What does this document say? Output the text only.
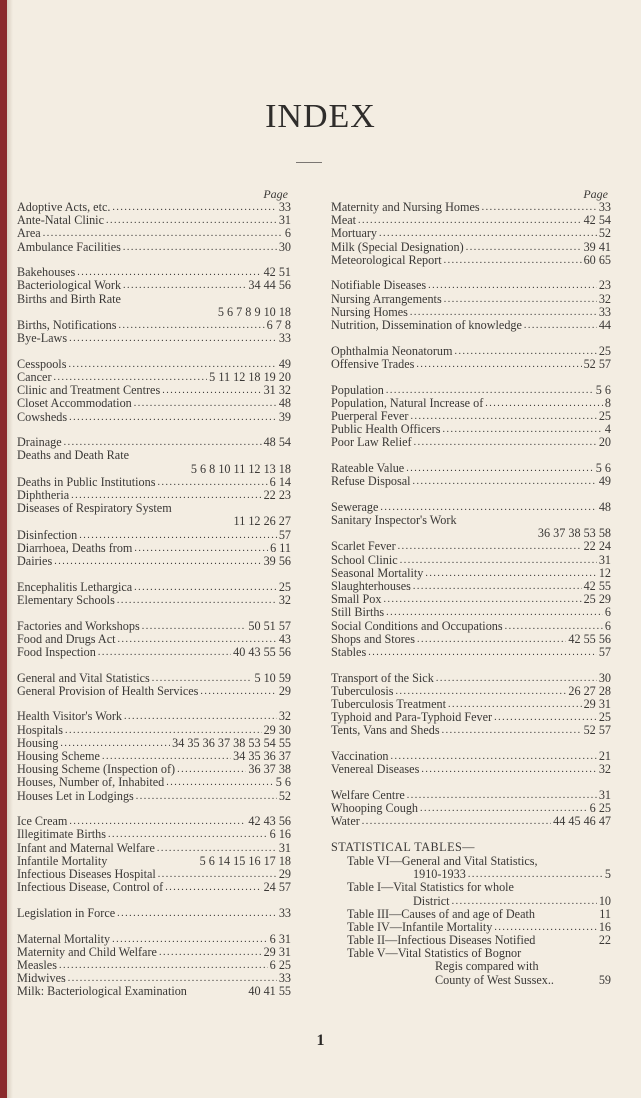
INDEX
Page
Adoptive Acts, etc. . . .	33
Ante-Natal Clinic . . .	31
Area . . .	6
Ambulance Facilities . . .	30
Bakehouses . . .	42 51
Bacteriological Work . . .	34 44 56
Births and Birth Rate
5 6 7 8 9 10 18
Births, Notifications . . .	6 7 8
Bye-Laws . . .	33
Cesspools . . .	49
Cancer . . .	5 11 12 18 19 20
Clinic and Treatment Centres . . .	31 32
Closet Accommodation . . .	48
Cowsheds . . .	39
Drainage . . .	48 54
Deaths and Death Rate
5 6 8 10 11 12 13 18
Deaths in Public Institutions . . .	6 14
Diphtheria . . .	22 23
Diseases of Respiratory System
11 12 26 27
Disinfection . . .	57
Diarrhoea, Deaths from . . .	6 11
Dairies . . .	39 56
Encephalitis Lethargica . . .	25
Elementary Schools . . .	32
Factories and Workshops . . .	50 51 57
Food and Drugs Act . . .	43
Food Inspection . . .	40 43 55 56
General and Vital Statistics . . .	5 10 59
General Provision of Health Services . . .	29
Health Visitor's Work . . .	32
Hospitals . . .	29 30
Housing . . .	34 35 36 37 38 53 54 55
Housing Scheme . . .	34 35 36 37
Housing Scheme (Inspection of) . . .	36 37 38
Houses, Number of, Inhabited . . .	5 6
Houses Let in Lodgings . . .	52
Ice Cream . . .	42 43 56
Illegitimate Births . . .	6 16
Infant and Maternal Welfare . . .	31
Infantile Mortality	5 6 14 15 16 17 18
Infectious Diseases Hospital . . .	29
Infectious Disease, Control of . . .	24 57
Legislation in Force . . .	33
Maternal Mortality . . .	6 31
Maternity and Child Welfare . . .	29 31
Measles . . .	6 25
Midwives . . .	33
Milk: Bacteriological Examination	40 41 55
Page
Maternity and Nursing Homes . . .	33
Meat . . .	42 54
Mortuary . . .	52
Milk (Special Designation) . . .	39 41
Meteorological Report . . .	60 65
Notifiable Diseases . . .	23
Nursing Arrangements . . .	32
Nursing Homes . . .	33
Nutrition, Dissemination of knowledge . . .	44
Ophthalmia Neonatorum . . .	25
Offensive Trades . . .	52 57
Population . . .	5 6
Population, Natural Increase of . . .	8
Puerperal Fever . . .	25
Public Health Officers . . .	4
Poor Law Relief . . .	20
Rateable Value . . .	5 6
Refuse Disposal . . .	49
Sewerage . . .	48
Sanitary Inspector's Work
36 37 38 53 58
Scarlet Fever . . .	22 24
School Clinic . . .	31
Seasonal Mortality . . .	12
Slaughterhouses . . .	42 55
Small Pox . . .	25 29
Still Births . . .	6
Social Conditions and Occupations . . .	6
Shops and Stores . . .	42 55 56
Stables . . .	57
Transport of the Sick . . .	30
Tuberculosis . . .	26 27 28
Tuberculosis Treatment . . .	29 31
Typhoid and Para-Typhoid Fever . . .	25
Tents, Vans and Sheds . . .	52 57
Vaccination . . .	21
Venereal Diseases . . .	32
Welfare Centre . . .	31
Whooping Cough . . .	6 25
Water . . .	44 45 46 47
STATISTICAL TABLES—
Table VI—General and Vital Statistics,
1910-1933 . . .	5
Table I—Vital Statistics for whole
District . . .	10
Table III—Causes of and age of Death	11
Table IV—Infantile Mortality . . .	16
Table II—Infectious Diseases Notified	22
Table V—Vital Statistics of Bognor
Regis compared with
County of West Sussex..	59
1
